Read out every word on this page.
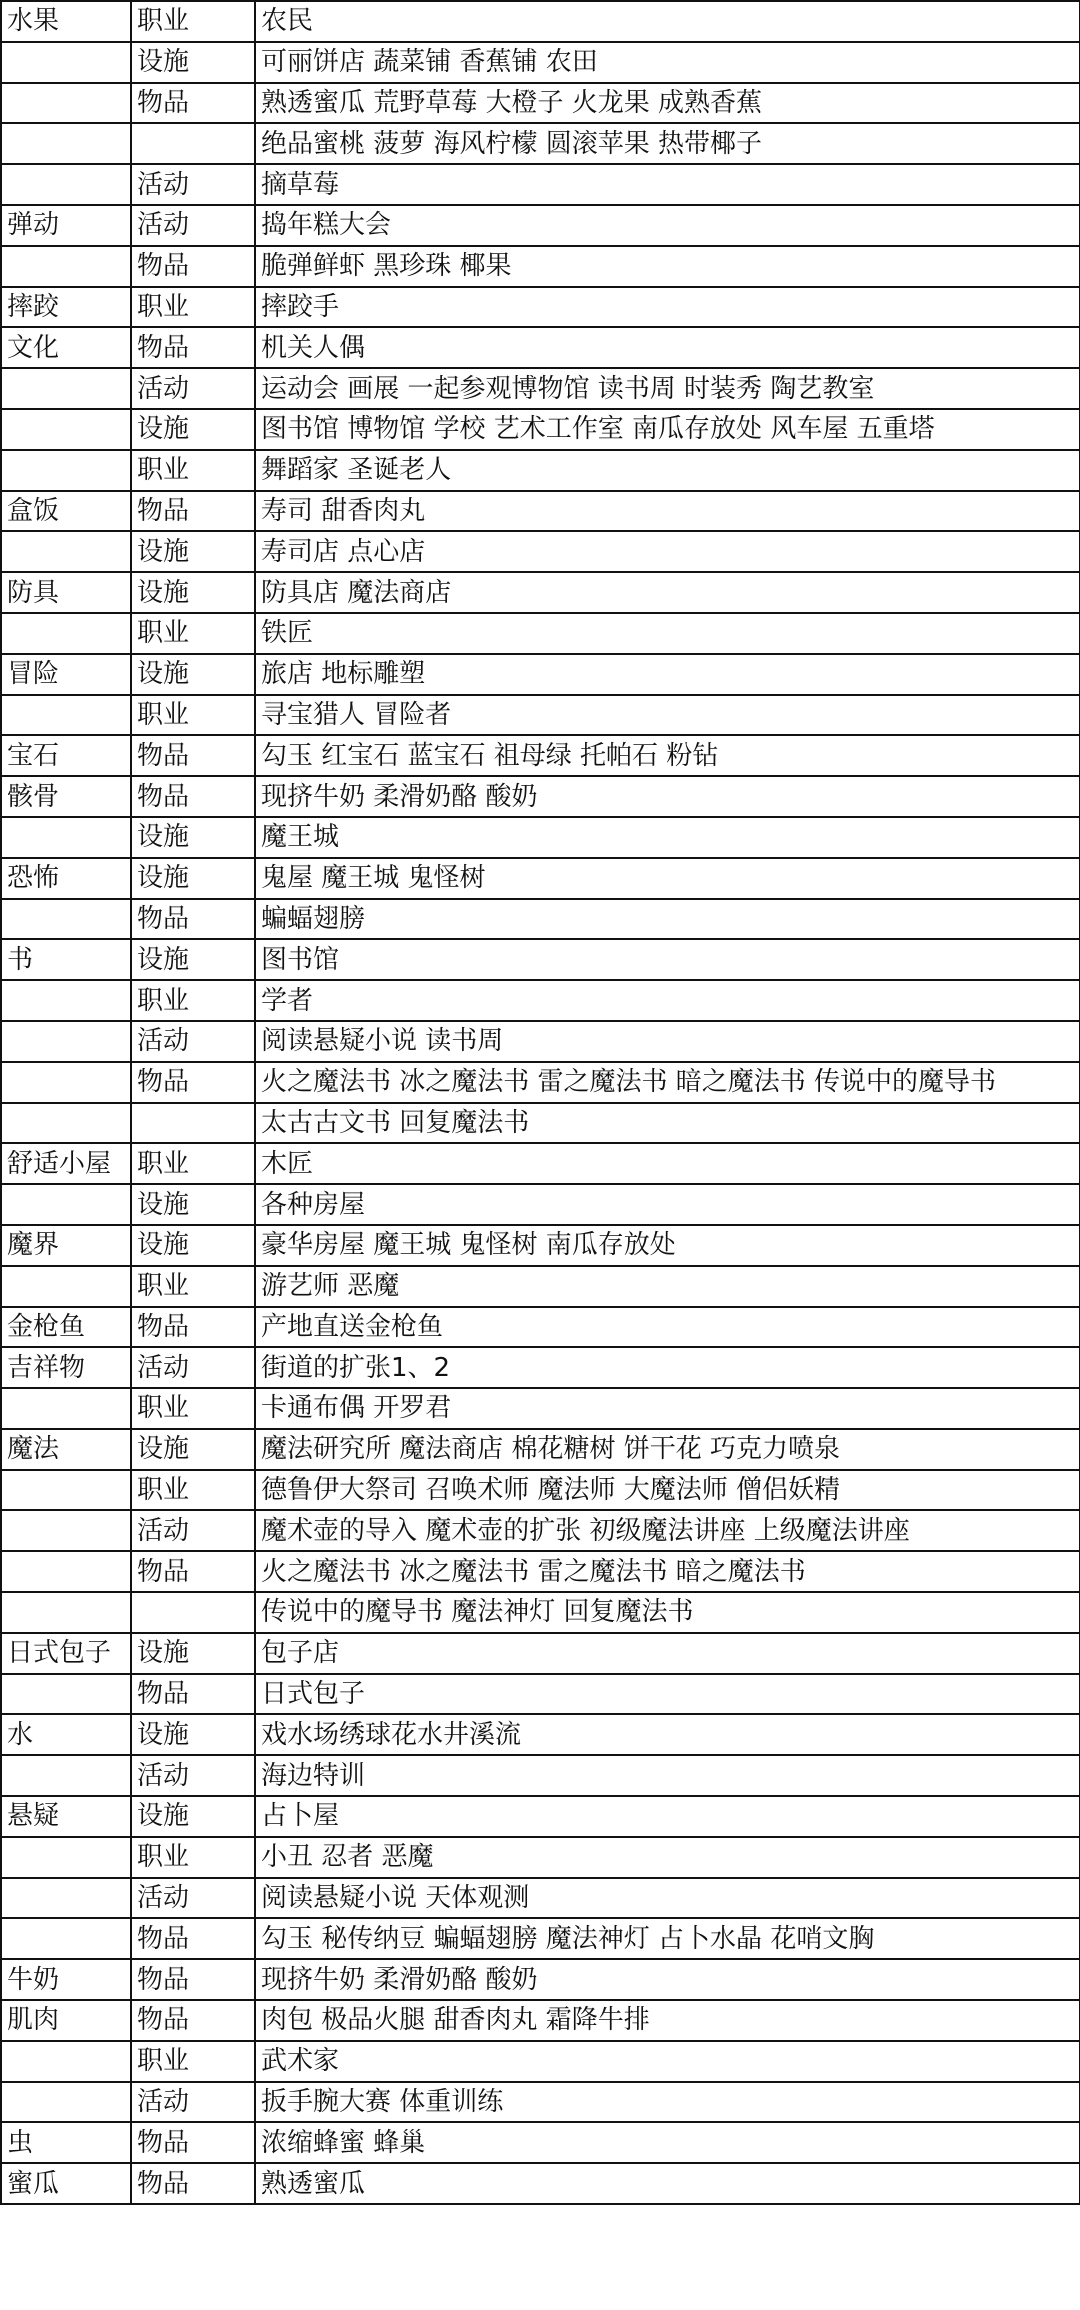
水果	职业	农民
	设施	可丽饼店 蔬菜铺 香蕉铺 农田
	物品	熟透蜜瓜 荒野草莓 大橙子 火龙果 成熟香蕉
		绝品蜜桃 菠萝 海风柠檬 圆滚苹果 热带椰子
	活动	摘草莓
弹动	活动	捣年糕大会
	物品	脆弹鲜虾 黑珍珠 椰果
摔跤	职业	摔跤手
文化	物品	机关人偶
	活动	运动会 画展 一起参观博物馆 读书周 时装秀 陶艺教室
	设施	图书馆 博物馆 学校 艺术工作室 南瓜存放处 风车屋 五重塔
	职业	舞蹈家 圣诞老人
盒饭	物品	寿司 甜香肉丸
	设施	寿司店 点心店
防具	设施	防具店 魔法商店
	职业	铁匠
冒险	设施	旅店 地标雕塑
	职业	寻宝猎人 冒险者
宝石	物品	勾玉 红宝石 蓝宝石 祖母绿 托帕石 粉钻
骸骨	物品	现挤牛奶 柔滑奶酪 酸奶
	设施	魔王城
恐怖	设施	鬼屋 魔王城 鬼怪树
	物品	蝙蝠翅膀
书	设施	图书馆
	职业	学者
	活动	阅读悬疑小说 读书周
	物品	火之魔法书 冰之魔法书 雷之魔法书 暗之魔法书 传说中的魔导书
		太古古文书 回复魔法书
舒适小屋	职业	木匠
	设施	各种房屋
魔界	设施	豪华房屋 魔王城 鬼怪树 南瓜存放处
	职业	游艺师 恶魔
金枪鱼	物品	产地直送金枪鱼
吉祥物	活动	街道的扩张1、2
	职业	卡通布偶 开罗君
魔法	设施	魔法研究所 魔法商店 棉花糖树 饼干花 巧克力喷泉
	职业	德鲁伊大祭司 召唤术师 魔法师 大魔法师 僧侣妖精
	活动	魔术壶的导入 魔术壶的扩张 初级魔法讲座 上级魔法讲座
	物品	火之魔法书 冰之魔法书 雷之魔法书 暗之魔法书
		传说中的魔导书 魔法神灯 回复魔法书
日式包子	设施	包子店
	物品	日式包子
水	设施	戏水场绣球花水井溪流
	活动	海边特训
悬疑	设施	占卜屋
	职业	小丑 忍者 恶魔
	活动	阅读悬疑小说 天体观测
	物品	勾玉 秘传纳豆 蝙蝠翅膀 魔法神灯 占卜水晶 花哨文胸
牛奶	物品	现挤牛奶 柔滑奶酪 酸奶
肌肉	物品	肉包 极品火腿 甜香肉丸 霜降牛排
	职业	武术家
	活动	扳手腕大赛 体重训练
虫	物品	浓缩蜂蜜 蜂巢
蜜瓜	物品	熟透蜜瓜
